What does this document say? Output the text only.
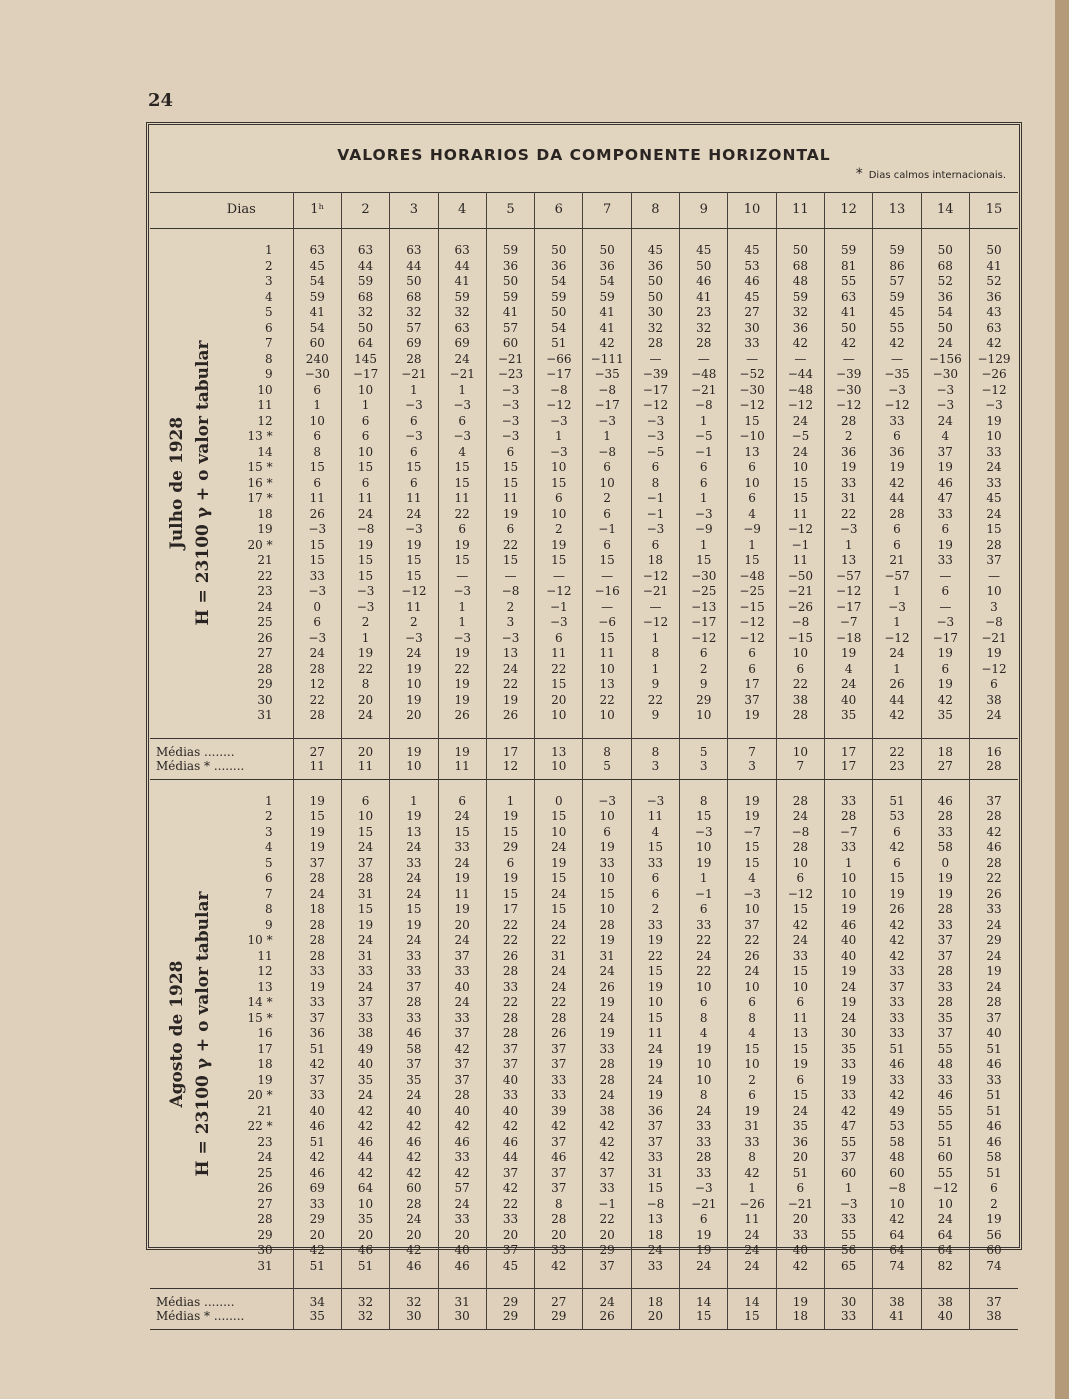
24
VALORES HORARIOS DA COMPONENTE HORIZONTAL
* Dias calmos internacionais.
Dias		1ʰ	2	3	4	5	6	7	8	9	10	11	12	13	14	15

Julho de 1928 H = 23100 γ + o valor tabular	1	63	63	63	63	59	50	50	45	45	45	50	59	59	50	50
	2	45	44	44	44	36	36	36	36	50	53	68	81	86	68	41
	3	54	59	50	41	50	54	54	50	46	46	48	55	57	52	52
	4	59	68	68	59	59	59	59	50	41	45	59	63	59	36	36
	5	41	32	32	32	41	50	41	30	23	27	32	41	45	54	43
	6	54	50	57	63	57	54	41	32	32	30	36	50	55	50	63
	7	60	64	69	69	60	51	42	28	28	33	42	42	42	24	42
	8	240	145	28	24	−21	−66	−111	—	—	—	—	—	—	−156	−129
	9	−30	−17	−21	−21	−23	−17	−35	−39	−48	−52	−44	−39	−35	−30	−26
	10	6	10	1	1	−3	−8	−8	−17	−21	−30	−48	−30	−3	−3	−12
	11	1	1	−3	−3	−3	−12	−17	−12	−8	−12	−12	−12	−12	−3	−3
	12	10	6	6	6	−3	−3	−3	−3	1	15	24	28	33	24	19
	13 *	6	6	−3	−3	−3	1	1	−3	−5	−10	−5	2	6	4	10
	14	8	10	6	4	6	−3	−8	−5	−1	13	24	36	36	37	33
	15 *	15	15	15	15	15	10	6	6	6	6	10	19	19	19	24
	16 *	6	6	6	15	15	15	10	8	6	10	15	33	42	46	33
	17 *	11	11	11	11	11	6	2	−1	1	6	15	31	44	47	45
	18	26	24	24	22	19	10	6	−1	−3	4	11	22	28	33	24
	19	−3	−8	−3	6	6	2	−1	−3	−9	−9	−12	−3	6	6	15
	20 *	15	19	19	19	22	19	6	6	1	1	−1	1	6	19	28
	21	15	15	15	15	15	15	15	18	15	15	11	13	21	33	37
	22	33	15	15	—	—	—	—	−12	−30	−48	−50	−57	−57	—	—
	23	−3	−3	−12	−3	−8	−12	−16	−21	−25	−25	−21	−12	1	6	10
	24	0	−3	11	1	2	−1	—	—	−13	−15	−26	−17	−3	—	3
	25	6	2	2	1	3	−3	−6	−12	−17	−12	−8	−7	1	−3	−8
	26	−3	1	−3	−3	−3	6	15	1	−12	−12	−15	−18	−12	−17	−21
	27	24	19	24	19	13	11	11	8	6	6	10	19	24	19	19
	28	28	22	19	22	24	22	10	1	2	6	6	4	1	6	−12
	29	12	8	10	19	22	15	13	9	9	17	22	24	26	19	6
	30	22	20	19	19	19	20	22	22	29	37	38	40	44	42	38
	31	28	24	20	26	26	10	10	9	10	19	28	35	42	35	24

Médias ........		27	20	19	19	17	13	8	8	5	7	10	17	22	18	16
Médias * ........		11	11	10	11	12	10	5	3	3	3	7	17	23	27	28

Agosto de 1928 H = 23100 γ + o valor tabular	1	19	6	1	6	1	0	−3	−3	8	19	28	33	51	46	37
	2	15	10	19	24	19	15	10	11	15	19	24	28	53	28	28
	3	19	15	13	15	15	10	6	4	−3	−7	−8	−7	6	33	42
	4	19	24	24	33	29	24	19	15	10	15	28	33	42	58	46
	5	37	37	33	24	6	19	33	33	19	15	10	1	6	0	28
	6	28	28	24	19	19	15	10	6	1	4	6	10	15	19	22
	7	24	31	24	11	15	24	15	6	−1	−3	−12	10	19	19	26
	8	18	15	15	19	17	15	10	2	6	10	15	19	26	28	33
	9	28	19	19	20	22	24	28	33	33	37	42	46	42	33	24
	10 *	28	24	24	24	22	22	19	19	22	22	24	40	42	37	29
	11	28	31	33	37	26	31	31	22	24	26	33	40	42	37	24
	12	33	33	33	33	28	24	24	15	22	24	15	19	33	28	19
	13	19	24	37	40	33	24	26	19	10	10	10	24	37	33	24
	14 *	33	37	28	24	22	22	19	10	6	6	6	19	33	28	28
	15 *	37	33	33	33	28	28	24	15	8	8	11	24	33	35	37
	16	36	38	46	37	28	26	19	11	4	4	13	30	33	37	40
	17	51	49	58	42	37	37	33	24	19	15	15	35	51	55	51
	18	42	40	37	37	37	37	28	19	10	10	19	33	46	48	46
	19	37	35	35	37	40	33	28	24	10	2	6	19	33	33	33
	20 *	33	24	24	28	33	33	24	19	8	6	15	33	42	46	51
	21	40	42	40	40	40	39	38	36	24	19	24	42	49	55	51
	22 *	46	42	42	42	42	42	42	37	33	31	35	47	53	55	46
	23	51	46	46	46	46	37	42	37	33	33	36	55	58	51	46
	24	42	44	42	33	44	46	42	33	28	8	20	37	48	60	58
	25	46	42	42	42	37	37	37	31	33	42	51	60	60	55	51
	26	69	64	60	57	42	37	33	15	−3	1	6	1	−8	−12	6
	27	33	10	28	24	22	8	−1	−8	−21	−26	−21	−3	10	10	2
	28	29	35	24	33	33	28	22	13	6	11	20	33	42	24	19
	29	20	20	20	20	20	20	20	18	19	24	33	55	64	64	56
	30	42	46	42	40	37	33	29	24	19	24	40	56	64	64	60
	31	51	51	46	46	45	42	37	33	24	24	42	65	74	82	74

Médias ........		34	32	32	31	29	27	24	18	14	14	19	30	38	38	37
Médias * ........		35	32	30	30	29	29	26	20	15	15	18	33	41	40	38
